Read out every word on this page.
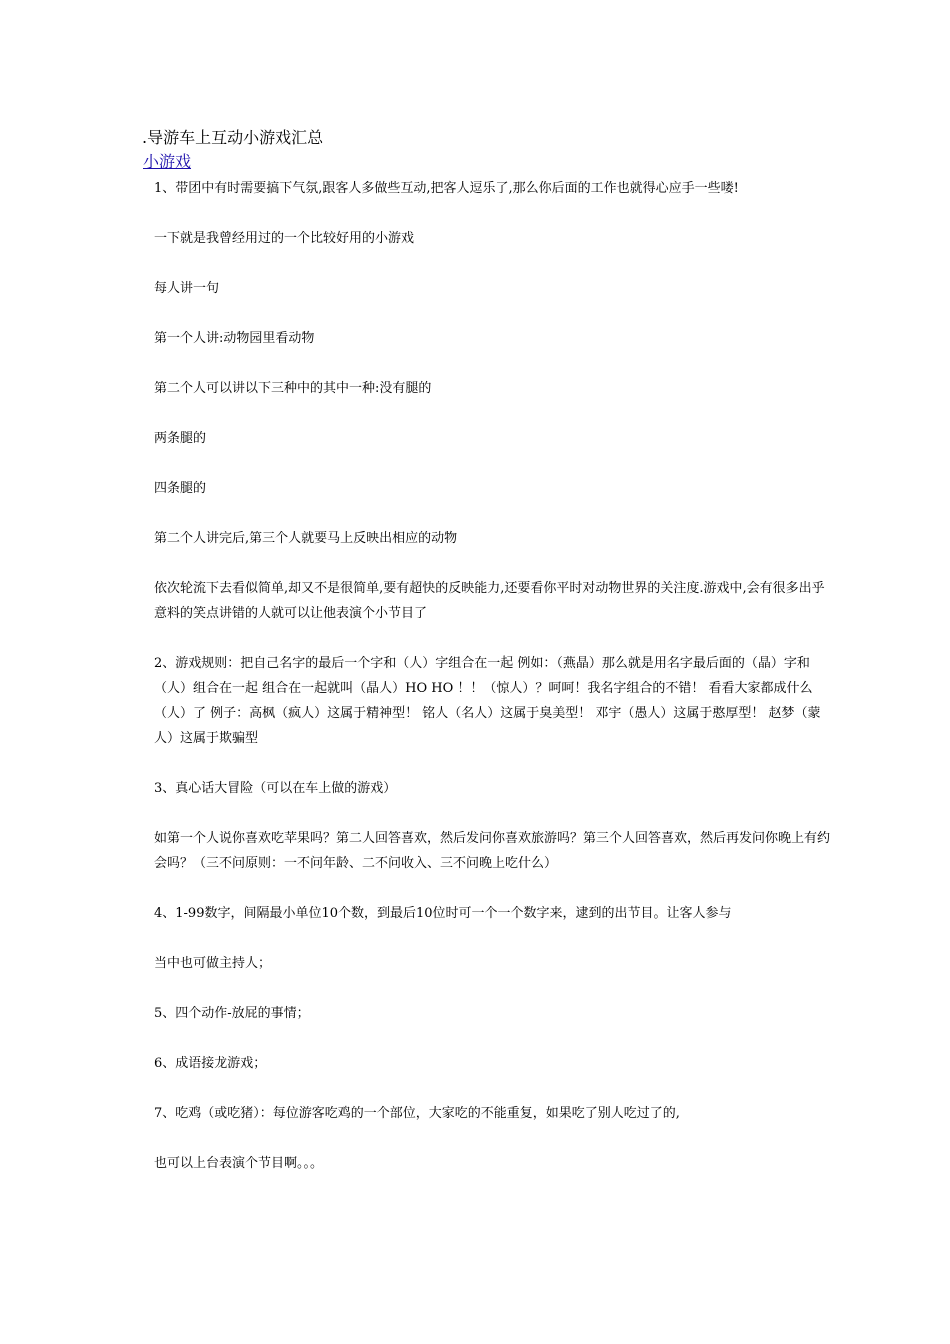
.导游车上互动小游戏汇总
小游戏

1、带团中有时需要搞下气氛,跟客人多做些互动,把客人逗乐了,那么你后面的工作也就得心应手一些喽!

一下就是我曾经用过的一个比较好用的小游戏

每人讲一句

第一个人讲:动物园里看动物

第二个人可以讲以下三种中的其中一种:没有腿的

两条腿的

四条腿的

第二个人讲完后,第三个人就要马上反映出相应的动物

依次轮流下去看似简单,却又不是很简单,要有超快的反映能力,还要看你平时对动物世界的关注度.游戏中,会有很多出乎意料的笑点讲错的人就可以让他表演个小节目了

2、游戏规则：把自己名字的最后一个字和（人）字组合在一起 例如：（燕晶）那么就是用名字最后面的（晶）字和（人）组合在一起 组合在一起就叫（晶人）HO HO ！！（惊人）？呵呵！我名字组合的不错！ 看看大家都成什么（人）了 例子：高枫（疯人）这属于精神型！ 铭人（名人）这属于臭美型！ 邓宇（愚人）这属于憨厚型！ 赵梦（蒙人）这属于欺骗型

3、真心话大冒险（可以在车上做的游戏）

如第一个人说你喜欢吃苹果吗？第二人回答喜欢，然后发问你喜欢旅游吗？第三个人回答喜欢，然后再发问你晚上有约会吗？（三不问原则：一不问年龄、二不问收入、三不问晚上吃什么）

4、1-99数字，间隔最小单位10个数，到最后10位时可一个一个数字来，逮到的出节目。让客人参与

当中也可做主持人；

5、四个动作-放屁的事情；

6、成语接龙游戏；

7、吃鸡（或吃猪）：每位游客吃鸡的一个部位，大家吃的不能重复，如果吃了别人吃过了的,

也可以上台表演个节目啊。。。
